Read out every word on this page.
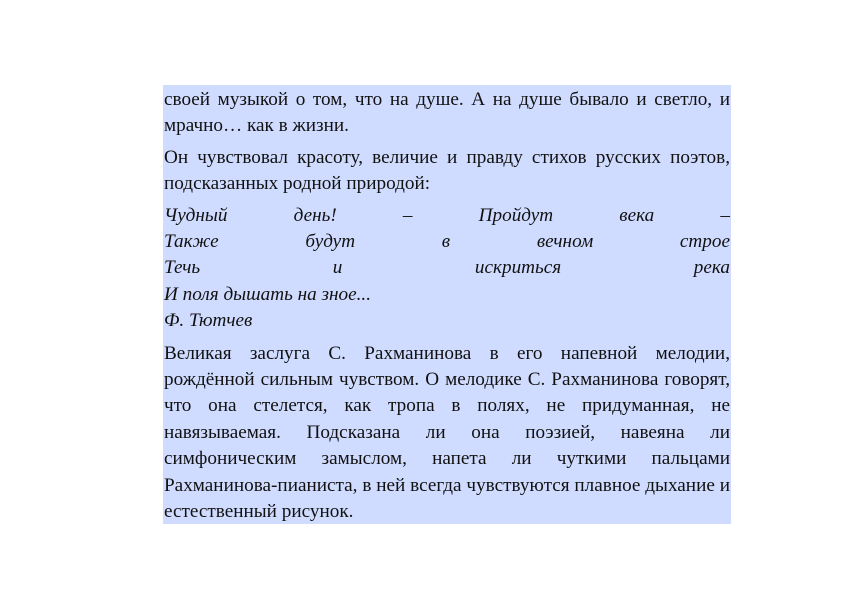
своей музыкой о том, что на душе. А на душе бывало и светло, и мрачно… как в жизни.

Он чувствовал красоту, величие и правду стихов русских поэтов, подсказанных родной природой:

Чудный	день!	–	Пройдут	века	–
Также	будут	в	вечном	строе
Течь	и	искриться	река
И поля дышать на зное...
Ф. Тютчев

Великая заслуга С. Рахманинова в его напевной мелодии, рождённой сильным чувством. О мелодике С. Рахманинова говорят, что она стелется, как тропа в полях, не придуманная, не навязываемая. Подсказана ли она поэзией, навеяна ли симфоническим замыслом, напета ли чуткими пальцами Рахманинова-пианиста, в ней всегда чувствуются плавное дыхание и естественный рисунок.
